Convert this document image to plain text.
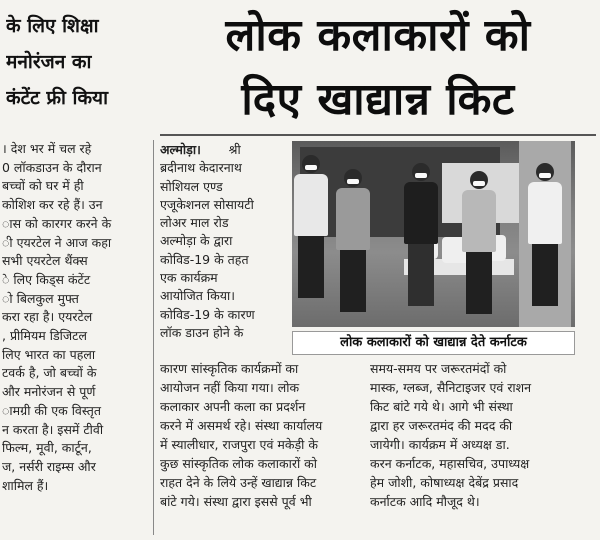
के लिए शिक्षा
मनोरंजन का
कंटेंट फ्री किया
। देश भर में चल रहे
0 लॉकडाउन के दौरान
बच्चों को घर में ही
कोशिश कर रहे हैं। उन
ास को कारगर करने के
ी एयरटेल ने आज कहा
सभी एयरटेल थैंक्स
े लिए किड्स कंटेंट
ो बिलकुल मुफ्त
करा रहा है। एयरटेल
, प्रीमियम डिजिटल
लिए भारत का पहला
टवर्क है, जो बच्चों के
और मनोरंजन से पूर्ण
ामग्री की एक विस्तृत
न करता है। इसमें टीवी
फिल्म, मूवी, कार्टून,
ज, नर्सरी राइम्स और
शामिल हैं।
लोक कलाकारों को
दिए खाद्यान्न किट
अल्मोड़ा। श्री
ब्रदीनाथ केदारनाथ
सोशियल एण्ड
एजूकेशनल सोसायटी
लोअर माल रोड
अल्मोड़ा के द्वारा
कोविड-19 के तहत
एक कार्यक्रम
आयोजित किया।
कोविड-19 के कारण
लॉक डाउन होने के
लोक कलाकारों को खाद्यान्न देते कर्नाटक
कारण सांस्कृतिक कार्यक्रमों का
आयोजन नहीं किया गया। लोक
कलाकार अपनी कला का प्रदर्शन
करने में असमर्थ रहे। संस्था कार्यालय
में स्यालीधार, राजपुरा एवं मकेड़ी के
कुछ सांस्कृतिक लोक कलाकारों को
राहत देने के लिये उन्हें खाद्यान्न किट
बांटे गये। संस्था द्वारा इससे पूर्व भी
समय-समय पर जरूरतमंदों को
मास्क, ग्लब्ज, सैनिटाइजर एवं राशन
किट बांटे गये थे। आगे भी संस्था
द्वारा हर जरूरतमंद की मदद की
जायेगी। कार्यक्रम में अध्यक्ष डा.
करन कर्नाटक, महासचिव, उपाध्यक्ष
हेम जोशी, कोषाध्यक्ष देबेंद्र प्रसाद
कर्नाटक आदि मौजूद थे।
